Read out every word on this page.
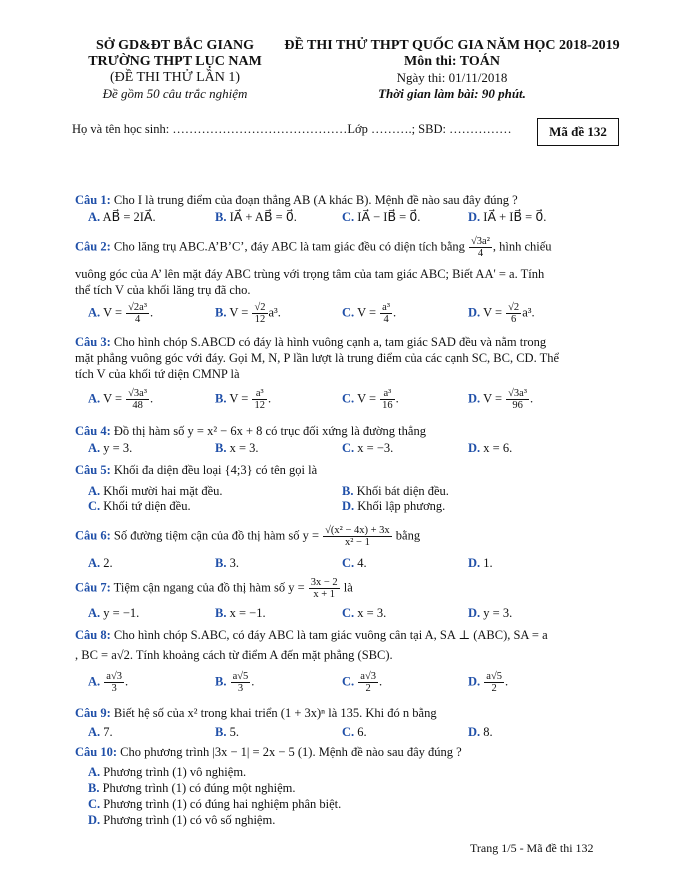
SỞ GD&ĐT BẮC GIANG
TRƯỜNG THPT LỤC NAM
(ĐỀ THI THỬ LẦN 1)
Đề gồm 50 câu trắc nghiệm
ĐỀ THI THỬ THPT QUỐC GIA NĂM HỌC 2018-2019
Môn thi: TOÁN
Ngày thi: 01/11/2018
Thời gian làm bài: 90 phút.
Họ và tên học sinh: ……………………………………Lớp ……….; SBD: ……………	Mã đề 132
Câu 1: Cho I là trung điểm của đoạn thẳng AB (A khác B). Mệnh đề nào sau đây đúng ?
A. AB⃗ = 2IA⃗.	B. IA⃗ + AB⃗ = 0⃗.	C. IA⃗ − IB⃗ = 0⃗.	D. IA⃗ + IB⃗ = 0⃗.
Câu 2: Cho lăng trụ ABC.A’B’C’, đáy ABC là tam giác đều có diện tích bằng $\frac{\text{√3a²}}{4}$ , hình chiếu
vuông góc của A’ lên mặt đáy ABC trùng với trọng tâm của tam giác ABC; Biết AA' = a. Tính
thể tích V của khối lăng trụ đã cho.
A. $V = \frac{\text{√2a³}}{4}$ .	B. $V = \frac{√2}{12} a^3$.	C. $V = \frac{\text{a³}}{4}$ .	D. $V = \frac{√2}{6} a^3$.
Câu 3: Cho hình chóp S.ABCD có đáy là hình vuông cạnh a, tam giác SAD đều và nằm trong
mặt phẳng vuông góc với đáy. Gọi M, N, P lần lượt là trung điểm của các cạnh SC, BC, CD. Thể
tích V của khối tứ diện CMNP là
A. $V = \frac{\text{√3a³}}{48}$ .	B. $V = \frac{\text{a³}}{12}$ .	C. $V = \frac{\text{a³}}{16}$ .	D. $V = \frac{\text{√3a³}}{96}$ .
Câu 4: Đồ thị hàm số y = x² − 6x + 8 có trục đối xứng là đường thẳng
A. y = 3.	B. x = 3.	C. x = −3.	D. x = 6.
Câu 5: Khối đa diện đều loại {4;3} có tên gọi là
A. Khối mười hai mặt đều.	B. Khối bát diện đều.
C. Khối tứ diện đều.	D. Khối lập phương.
Câu 6: Số đường tiệm cận của đồ thị hàm số $y = \frac{\text{√(x² − 4x) + 3x}}{\text{x² − 1}}$ bằng
A. 2.	B. 3.	C. 4.	D. 1.
Câu 7: Tiệm cận ngang của đồ thị hàm số $y = \frac{3x - 2}{x + 1}$ là
A. y = −1.	B. x = −1.	C. x = 3.	D. y = 3.
Câu 8: Cho hình chóp S.ABC, có đáy ABC là tam giác vuông cân tại A, SA ⊥ (ABC), SA = a
, BC = a√2. Tính khoảng cách từ điểm A đến mặt phẳng (SBC).
A. $\frac{a√3}{3}$ .	B. $\frac{a√5}{3}$ .	C. $\frac{a√3}{2}$ .	D. $\frac{a√5}{2}$ .
Câu 9: Biết hệ số của x² trong khai triển (1 + 3x)ⁿ là 135. Khi đó n bằng
A. 7.	B. 5.	C. 6.	D. 8.
Câu 10: Cho phương trình |3x − 1| = 2x − 5 (1). Mệnh đề nào sau đây đúng ?
A. Phương trình (1) vô nghiệm.
B. Phương trình (1) có đúng một nghiệm.
C. Phương trình (1) có đúng hai nghiệm phân biệt.
D. Phương trình (1) có vô số nghiệm.
Trang 1/5 - Mã đề thi 132
